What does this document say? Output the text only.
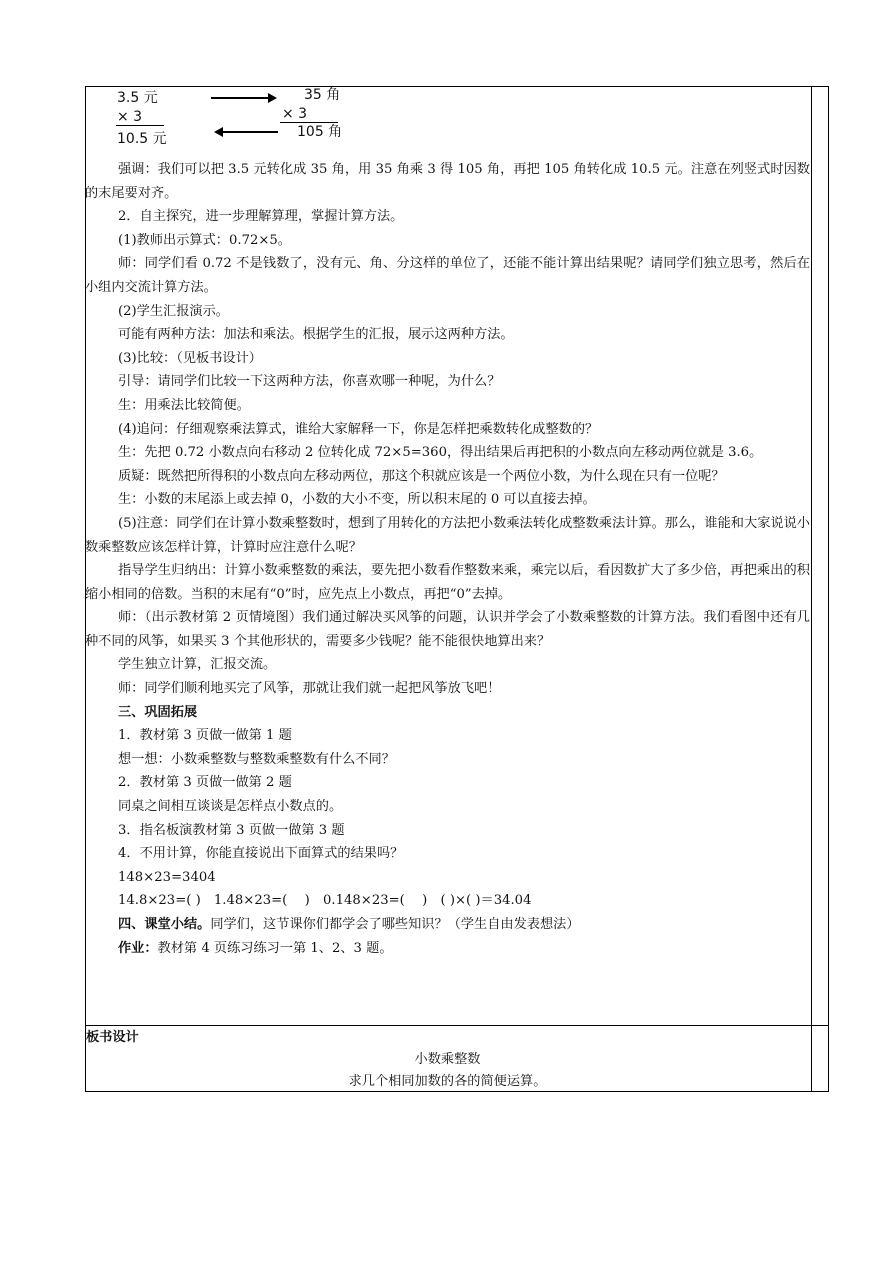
3.5 元
× 3
10.5 元
35 角
× 3
105 角

强调：我们可以把 3.5 元转化成 35 角，用 35 角乘 3 得 105 角，再把 105 角转化成 10.5 元。注意在列竖式时因数的末尾要对齐。

2．自主探究，进一步理解算理，掌握计算方法。

(1)教师出示算式：0.72×5。

师：同学们看 0.72 不是钱数了，没有元、角、分这样的单位了，还能不能计算出结果呢？请同学们独立思考，然后在小组内交流计算方法。

(2)学生汇报演示。

可能有两种方法：加法和乘法。根据学生的汇报，展示这两种方法。

(3)比较：（见板书设计）

引导：请同学们比较一下这两种方法，你喜欢哪一种呢，为什么？

生：用乘法比较简便。

(4)追问：仔细观察乘法算式，谁给大家解释一下，你是怎样把乘数转化成整数的？

生：先把 0.72 小数点向右移动 2 位转化成 72×5=360，得出结果后再把积的小数点向左移动两位就是 3.6。

质疑：既然把所得积的小数点向左移动两位，那这个积就应该是一个两位小数，为什么现在只有一位呢？

生：小数的末尾添上或去掉 0，小数的大小不变，所以积末尾的 0 可以直接去掉。

(5)注意：同学们在计算小数乘整数时，想到了用转化的方法把小数乘法转化成整数乘法计算。那么，谁能和大家说说小数乘整数应该怎样计算，计算时应注意什么呢？

指导学生归纳出：计算小数乘整数的乘法，要先把小数看作整数来乘，乘完以后，看因数扩大了多少倍，再把乘出的积缩小相同的倍数。当积的末尾有“0”时，应先点上小数点，再把“0”去掉。

师：（出示教材第 2 页情境图）我们通过解决买风筝的问题，认识并学会了小数乘整数的计算方法。我们看图中还有几种不同的风筝，如果买 3 个其他形状的，需要多少钱呢？能不能很快地算出来？

学生独立计算，汇报交流。

师：同学们顺利地买完了风筝，那就让我们就一起把风筝放飞吧！

三、巩固拓展

1．教材第 3 页做一做第 1 题

想一想：小数乘整数与整数乘整数有什么不同？

2．教材第 3 页做一做第 2 题

同桌之间相互谈谈是怎样点小数点的。

3．指名板演教材第 3 页做一做第 3 题

4．不用计算，你能直接说出下面算式的结果吗？

148×23=3404

14.8×23=( )　1.48×23=( 　)　0.148×23=( 　)　( )×( )＝34.04

四、课堂小结。同学们，这节课你们都学会了哪些知识？（学生自由发表想法）

作业：教材第 4 页练习练习一第 1、2、3 题。

板书设计
小数乘整数
求几个相同加数的各的简便运算。
